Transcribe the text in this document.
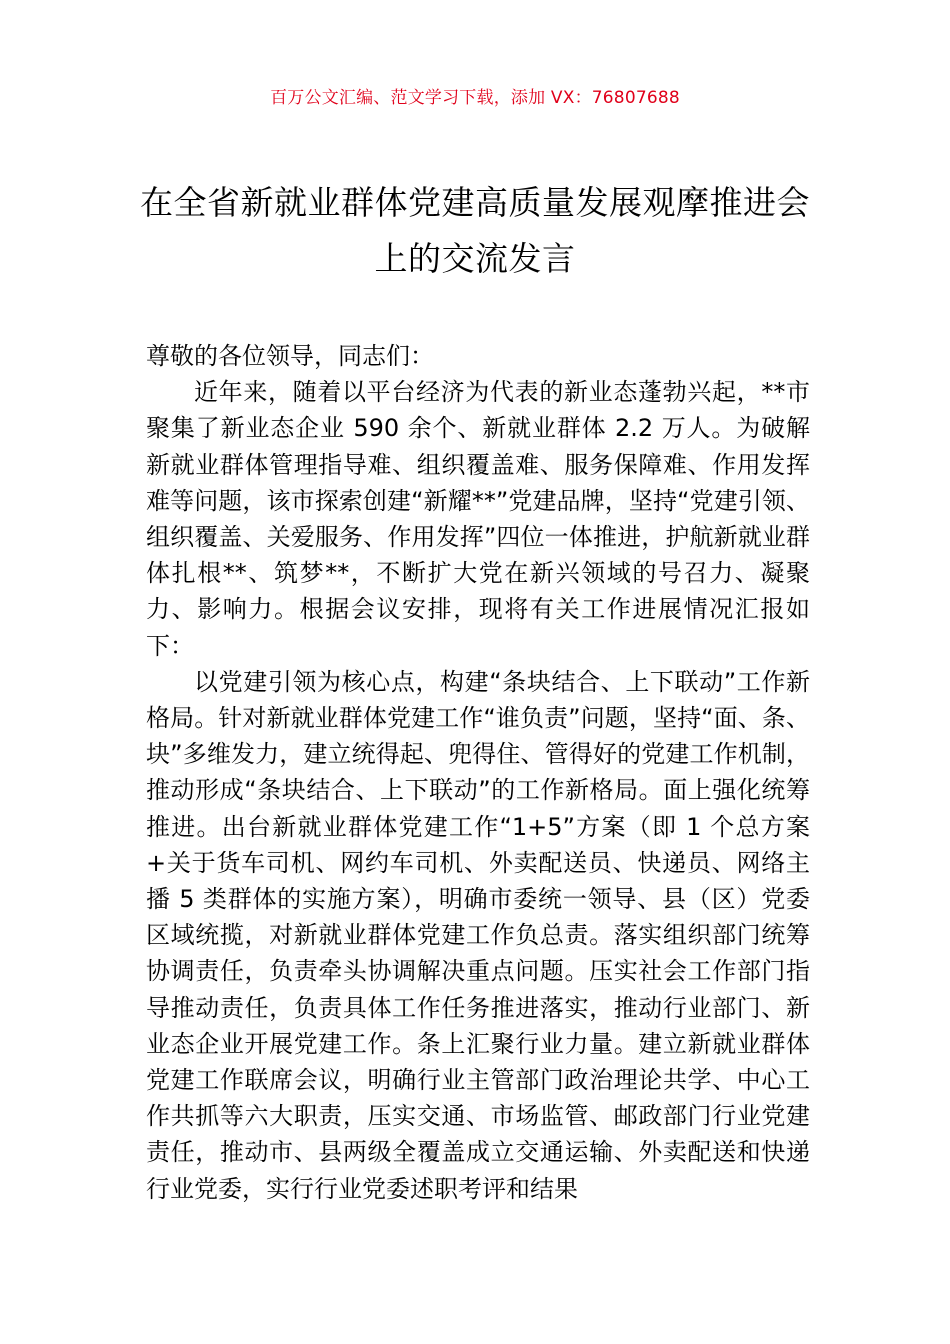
百万公文汇编、范文学习下载，添加 VX：76807688
在全省新就业群体党建高质量发展观摩推进会上的交流发言

尊敬的各位领导，同志们：

近年来，随着以平台经济为代表的新业态蓬勃兴起，**市聚集了新业态企业 590 余个、新就业群体 2.2 万人。为破解新就业群体管理指导难、组织覆盖难、服务保障难、作用发挥难等问题，该市探索创建“新耀**”党建品牌，坚持“党建引领、组织覆盖、关爱服务、作用发挥”四位一体推进，护航新就业群体扎根**、筑梦**，不断扩大党在新兴领域的号召力、凝聚力、影响力。根据会议安排，现将有关工作进展情况汇报如下：

以党建引领为核心点，构建“条块结合、上下联动”工作新格局。针对新就业群体党建工作“谁负责”问题，坚持“面、条、块”多维发力，建立统得起、兜得住、管得好的党建工作机制，推动形成“条块结合、上下联动”的工作新格局。面上强化统筹推进。出台新就业群体党建工作“1+5”方案（即 1 个总方案+关于货车司机、网约车司机、外卖配送员、快递员、网络主播 5 类群体的实施方案），明确市委统一领导、县（区）党委区域统揽，对新就业群体党建工作负总责。落实组织部门统筹协调责任，负责牵头协调解决重点问题。压实社会工作部门指导推动责任，负责具体工作任务推进落实，推动行业部门、新业态企业开展党建工作。条上汇聚行业力量。建立新就业群体党建工作联席会议，明确行业主管部门政治理论共学、中心工作共抓等六大职责，压实交通、市场监管、邮政部门行业党建责任，推动市、县两级全覆盖成立交通运输、外卖配送和快递行业党委，实行行业党委述职考评和结果
